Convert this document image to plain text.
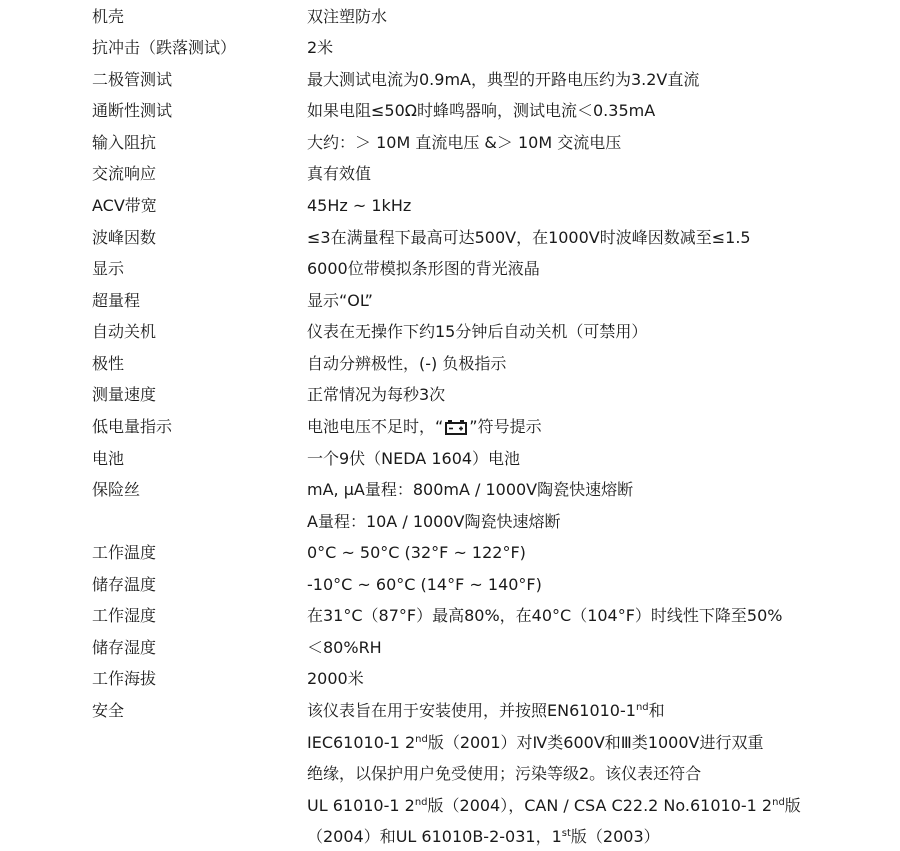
机壳	双注塑防水
抗冲击（跌落测试）	2米
二极管测试	最大测试电流为0.9mA，典型的开路电压约为3.2V直流
通断性测试	如果电阻≤50Ω时蜂鸣器响，测试电流＜0.35mA
输入阻抗	大约：＞ 10M 直流电压 &＞ 10M 交流电压
交流响应	真有效值
ACV带宽	45Hz ~ 1kHz
波峰因数	≤3在满量程下最高可达500V，在1000V时波峰因数减至≤1.5
显示	6000位带模拟条形图的背光液晶
超量程	显示“OL”
自动关机	仪表在无操作下约15分钟后自动关机（可禁用）
极性	自动分辨极性，(-) 负极指示
测量速度	正常情况为每秒3次
低电量指示	电池电压不足时，“ ”符号提示
电池	一个9伏（NEDA 1604）电池
保险丝	mA, µA量程：800mA / 1000V陶瓷快速熔断
A量程：10A / 1000V陶瓷快速熔断
工作温度	0°C ~ 50°C (32°F ~ 122°F)
储存温度	-10°C ~ 60°C (14°F ~ 140°F)
工作湿度	在31°C（87°F）最高80%，在40°C（104°F）时线性下降至50%
储存湿度	＜80%RH
工作海拔	2000米
安全	该仪表旨在用于安装使用，并按照EN61010-1nd和
IEC61010-1 2nd版（2001）对Ⅳ类600V和Ⅲ类1000V进行双重
绝缘，以保护用户免受使用；污染等级2。该仪表还符合
UL 61010-1 2nd版（2004），CAN / CSA C22.2 No.61010-1 2nd版
（2004）和UL 61010B-2-031，1st版（2003）
